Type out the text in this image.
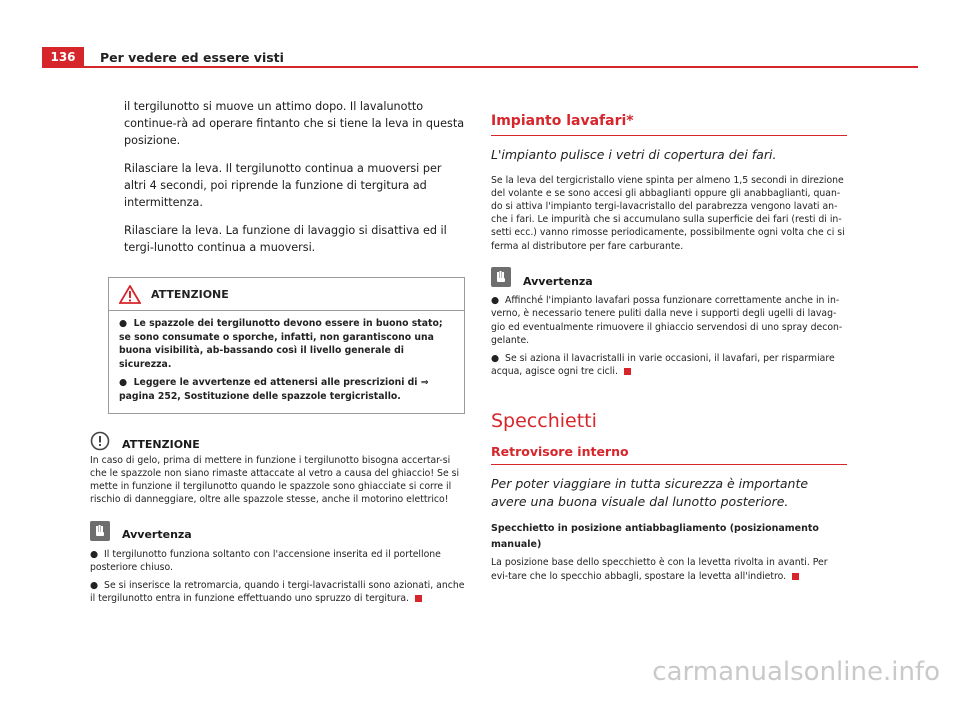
136	Per vedere ed essere visti

il tergilunotto si muove un attimo dopo. Il lavalunotto continue-rà ad operare fintanto che si tiene la leva in questa posizione.

Rilasciare la leva. Il tergilunotto continua a muoversi per altri 4 secondi, poi riprende la funzione di tergitura ad intermittenza.
Rilasciare la leva. La funzione di lavaggio si disattiva ed il tergi-lunotto continua a muoversi.
ATTENZIONE

● Le spazzole dei tergilunotto devono essere in buono stato; se sono consumate o sporche, infatti, non garantiscono una buona visibilità, ab-bassando così il livello generale di sicurezza.

● Leggere le avvertenze ed attenersi alle prescrizioni di ⇒ pagina 252, Sostituzione delle spazzole tergicristallo.

ATTENZIONE

In caso di gelo, prima di mettere in funzione i tergilunotto bisogna accertar-si che le spazzole non siano rimaste attaccate al vetro a causa del ghiaccio! Se si mette in funzione il tergilunotto quando le spazzole sono ghiacciate si corre il rischio di danneggiare, oltre alle spazzole stesse, anche il motorino elettrico!

Avvertenza

● Il tergilunotto funziona soltanto con l'accensione inserita ed il portellone posteriore chiuso.

● Se si inserisce la retromarcia, quando i tergi-lavacristalli sono azionati, anche il tergilunotto entra in funzione effettuando uno spruzzo di tergitura.

Impianto lavafari*

L'impianto pulisce i vetri di copertura dei fari.

Se la leva del tergicristallo viene spinta per almeno 1,5 secondi in direzione del volante e se sono accesi gli abbaglianti oppure gli anabbaglianti, quan-do si attiva l'impianto tergi-lavacristallo del parabrezza vengono lavati an-che i fari. Le impurità che si accumulano sulla superficie dei fari (resti di in-setti ecc.) vanno rimosse periodicamente, possibilmente ogni volta che ci si ferma al distributore per fare carburante.

Avvertenza

● Affinché l'impianto lavafari possa funzionare correttamente anche in in-verno, è necessario tenere puliti dalla neve i supporti degli ugelli di lavag-gio ed eventualmente rimuovere il ghiaccio servendosi di uno spray decon-gelante.

● Se si aziona il lavacristalli in varie occasioni, il lavafari, per risparmiare acqua, agisce ogni tre cicli.

Specchietti

Retrovisore interno

Per poter viaggiare in tutta sicurezza è importante avere una buona visuale dal lunotto posteriore.

Specchietto in posizione antiabbagliamento (posizionamento manuale)

La posizione base dello specchietto è con la levetta rivolta in avanti. Per evi-tare che lo specchio abbagli, spostare la levetta all'indietro.

carmanualsonline.info
